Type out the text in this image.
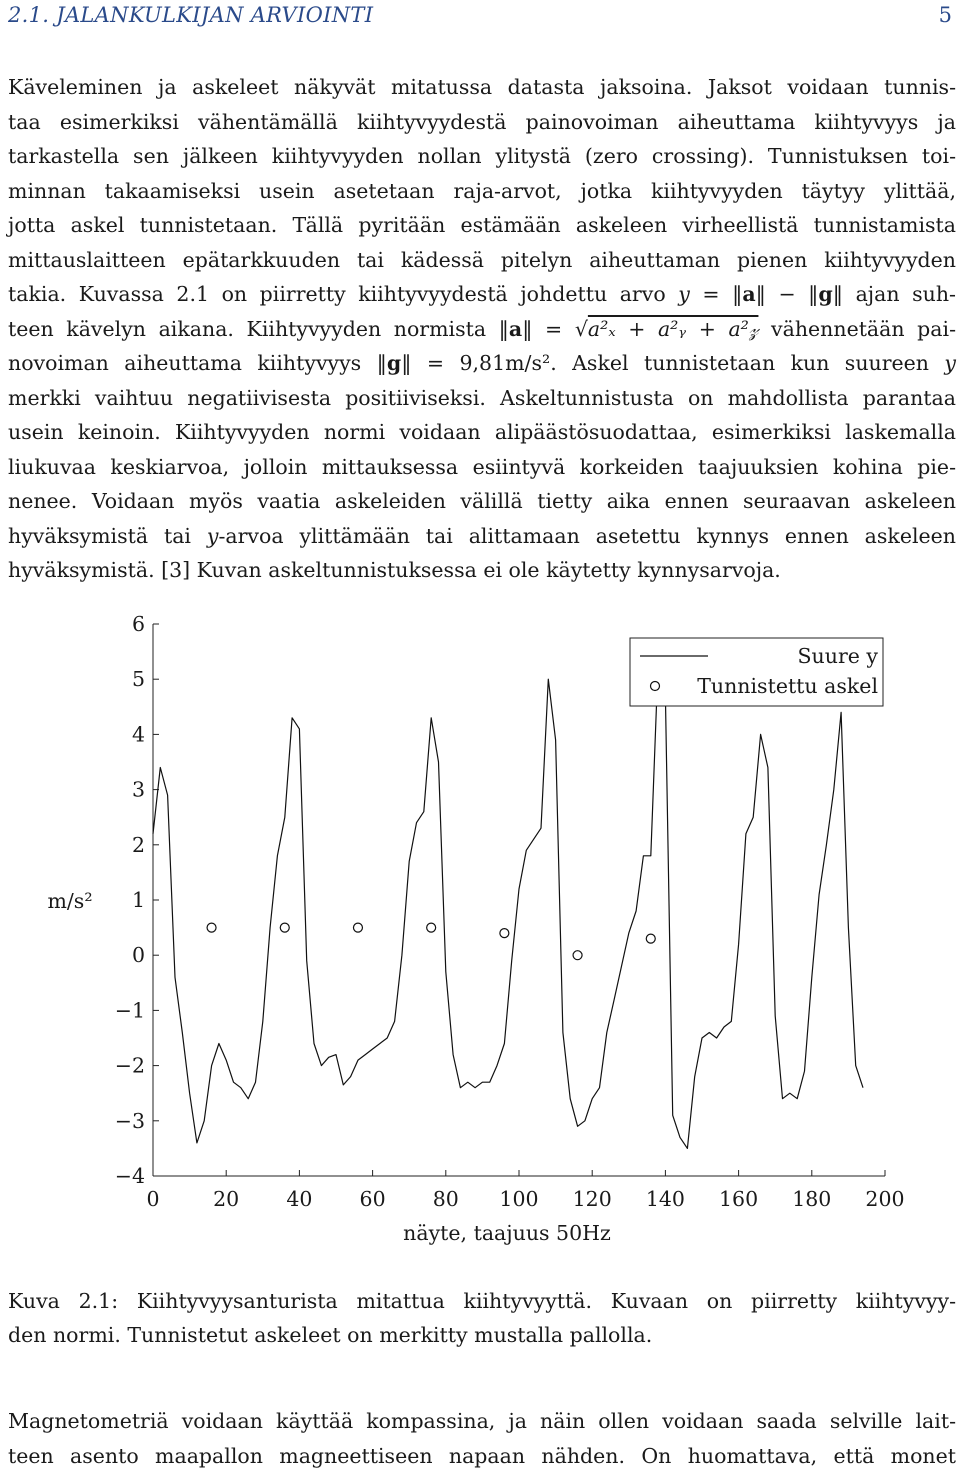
2.1. JALANKULKIJAN ARVIOINTI	5
Käveleminen ja askeleet näkyvät mitatussa datasta jaksoina. Jaksot voidaan tunnis-
taa esimerkiksi vähentämällä kiihtyvyydestä painovoiman aiheuttama kiihtyvyys ja
tarkastella sen jälkeen kiihtyvyyden nollan ylitystä (zero crossing). Tunnistuksen toi-
minnan takaamiseksi usein asetetaan raja-arvot, jotka kiihtyvyyden täytyy ylittää,
jotta askel tunnistetaan. Tällä pyritään estämään askeleen virheellistä tunnistamista
mittauslaitteen epätarkkuuden tai kädessä pitelyn aiheuttaman pienen kiihtyvyyden
takia. Kuvassa 2.1 on piirretty kiihtyvyydestä johdettu arvo y = ‖a‖ − ‖g‖ ajan suh-
teen kävelyn aikana. Kiihtyvyyden normista ‖a‖ = √a²ₓ + a²ᵧ + a²𝓏 vähennetään pai-
novoiman aiheuttama kiihtyvyys ‖g‖ = 9,81m/s². Askel tunnistetaan kun suureen y
merkki vaihtuu negatiivisesta positiiviseksi. Askeltunnistusta on mahdollista parantaa
usein keinoin. Kiihtyvyyden normi voidaan alipäästösuodattaa, esimerkiksi laskemalla
liukuvaa keskiarvoa, jolloin mittauksessa esiintyvä korkeiden taajuuksien kohina pie-
nenee. Voidaan myös vaatia askeleiden välillä tietty aika ennen seuraavan askeleen
hyväksymistä tai y-arvoa ylittämään tai alittamaan asetettu kynnys ennen askeleen
hyväksymistä. [3] Kuvan askeltunnistuksessa ei ole käytetty kynnysarvoja.
0	20 40 60 80 100 120 140 160 180 200
6
5
4
3
2
1
0
−1
−2
−3
−4
näyte, taajuus 50Hz
m/s²
Suure y
Tunnistettu askel
Kuva 2.1: Kiihtyvyysanturista mitattua kiihtyvyyttä. Kuvaan on piirretty kiihtyvyy-
den normi. Tunnistetut askeleet on merkitty mustalla pallolla.
Magnetometriä voidaan käyttää kompassina, ja näin ollen voidaan saada selville lait-
teen asento maapallon magneettiseen napaan nähden. On huomattava, että monet
